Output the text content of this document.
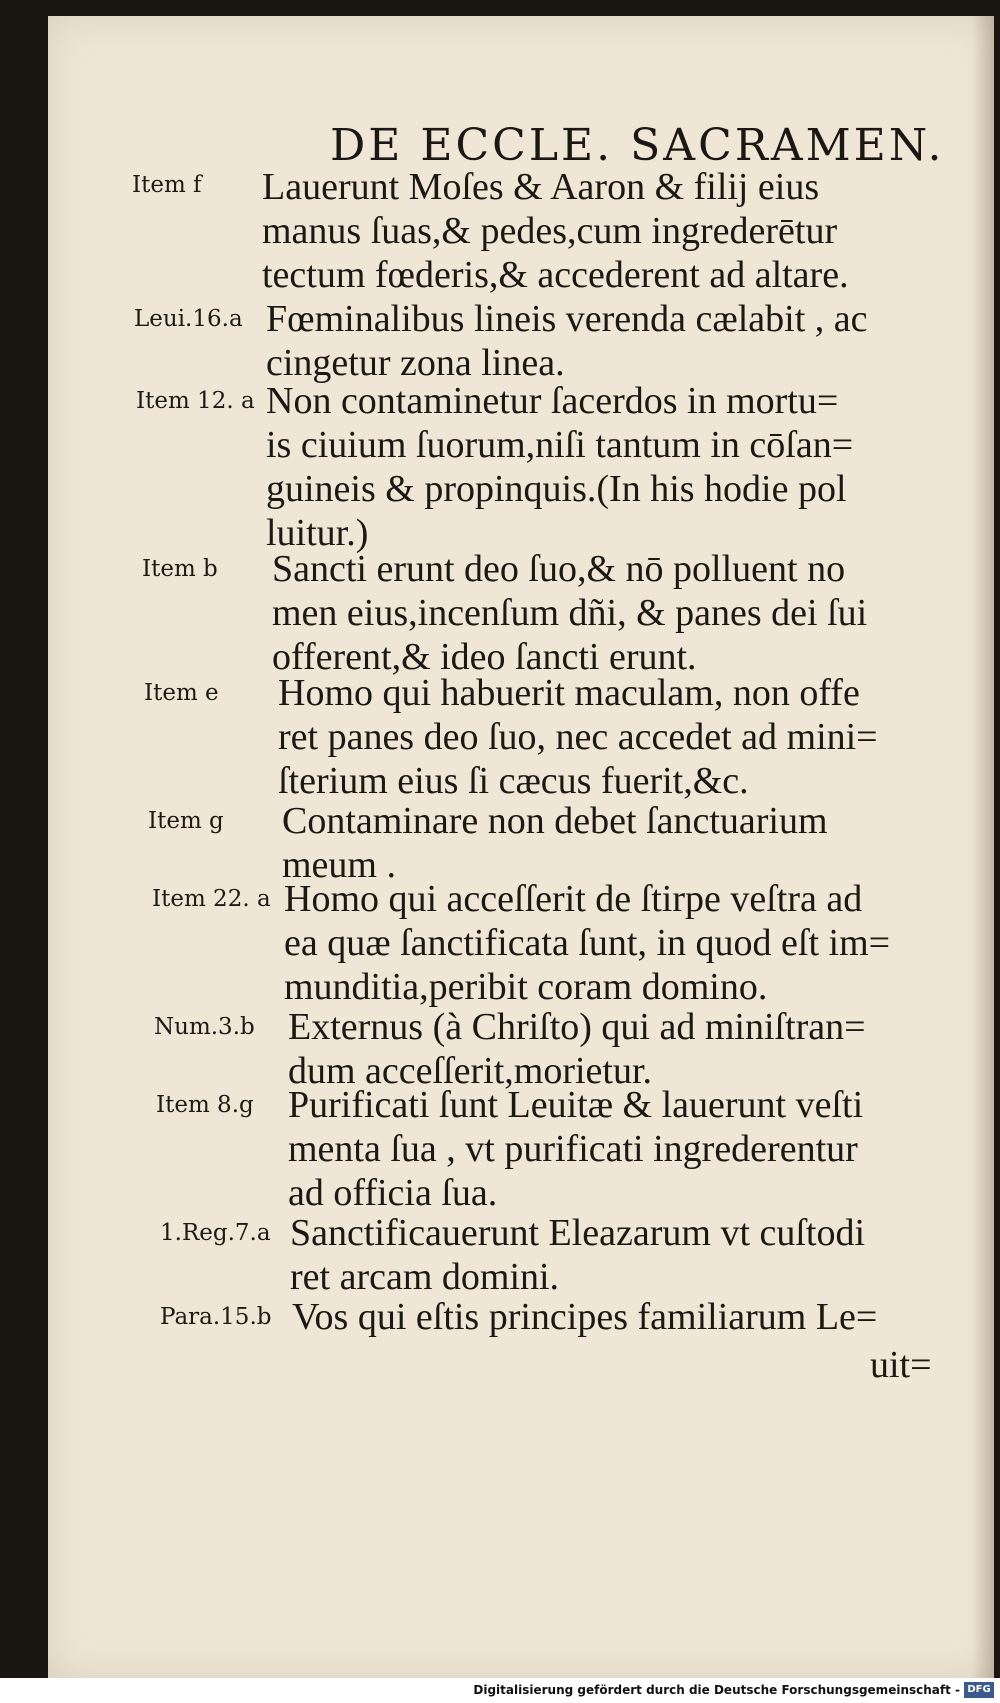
DE ECCLE. SACRAMEN.
Item f Lauerunt Moſes & Aaron & filĳ eius
manus ſuas,& pedes,cum ingrederētur
tectum fœderis,& accederent ad altare.
Leui.16.a Fœminalibus lineis verenda cælabit , ac
cingetur zona linea.
Item 12. a Non contaminetur ſacerdos in mortu=
is ciuium ſuorum,niſi tantum in cōſan=
guineis & propinquis.(In his hodie pol
luitur.)
Item b Sancti erunt deo ſuo,& nō polluent no
men eius,incenſum dñi, & panes dei ſui
offerent,& ideo ſancti erunt.
Item e Homo qui habuerit maculam, non offe
ret panes deo ſuo, nec accedet ad mini=
ſterium eius ſi cæcus fuerit,&c.
Item g Contaminare non debet ſanctuarium
meum .
Item 22. a Homo qui acceſſerit de ſtirpe veſtra ad
ea quæ ſanctificata ſunt, in quod eſt im=
munditia,peribit coram domino.
Num.3.b Externus (à Chriſto) qui ad miniſtran=
dum acceſſerit,morietur.
Item 8.g Purificati ſunt Leuitæ & lauerunt veſti
menta ſua , vt purificati ingrederentur
ad officia ſua.
1.Reg.7.a Sanctificauerunt Eleazarum vt cuſtodi
ret arcam domini.
Para.15.b Vos qui eſtis principes familiarum Le=
uit=
Digitalisierung gefördert durch die Deutsche Forschungsgemeinschaft - DFG
